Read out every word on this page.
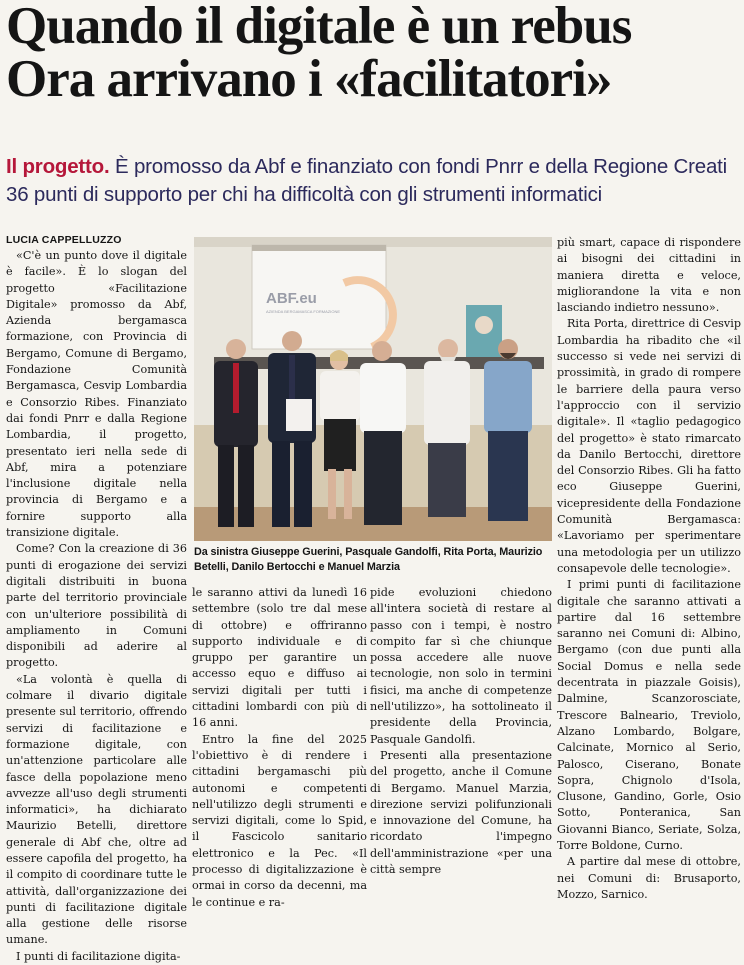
Quando il digitale è un rebus
Ora arrivano i «facilitatori»
Il progetto. È promosso da Abf e finanziato con fondi Pnrr e della Regione Creati 36 punti di supporto per chi ha difficoltà con gli strumenti informatici
LUCIA CAPPELLUZZO

«C'è un punto dove il digitale è facile». È lo slogan del progetto «Facilitazione Digitale» promosso da Abf, Azienda bergamasca formazione, con Provincia di Bergamo, Comune di Bergamo, Fondazione Comunità Bergamasca, Cesvip Lombardia e Consorzio Ribes. Finanziato dai fondi Pnrr e dalla Regione Lombardia, il progetto, presentato ieri nella sede di Abf, mira a potenziare l'inclusione digitale nella provincia di Bergamo e a fornire supporto alla transizione digitale.

Come? Con la creazione di 36 punti di erogazione dei servizi digitali distribuiti in buona parte del territorio provinciale con un'ulteriore possibilità di ampliamento in Comuni disponibili ad aderire al progetto.

«La volontà è quella di colmare il divario digitale presente sul territorio, offrendo servizi di facilitazione e formazione digitale, con un'attenzione particolare alle fasce della popolazione meno avvezze all'uso degli strumenti informatici», ha dichiarato Maurizio Betelli, direttore generale di Abf che, oltre ad essere capofila del progetto, ha il compito di coordinare tutte le attività, dall'organizzazione dei punti di facilitazione digitale alla gestione delle risorse umane.

I punti di facilitazione digita-

ABF.eu
AZIENDA BERGAMASCA FORMAZIONE
Da sinistra Giuseppe Guerini, Pasquale Gandolfi, Rita Porta, Maurizio Betelli, Danilo Bertocchi e Manuel Marzia

le saranno attivi da lunedì 16 settembre (solo tre dal mese di ottobre) e offriranno supporto individuale e di gruppo per garantire un accesso equo e diffuso ai servizi digitali per tutti i cittadini lombardi con più di 16 anni.

Entro la fine del 2025 l'obiettivo è di rendere i cittadini bergamaschi più autonomi e competenti nell'utilizzo degli strumenti e servizi digitali, come lo Spid, il Fascicolo sanitario elettronico e la Pec. «Il processo di digitalizzazione è ormai in corso da decenni, ma le continue e ra-

pide evoluzioni chiedono all'intera società di restare al passo con i tempi, è nostro compito far sì che chiunque possa accedere alle nuove tecnologie, non solo in termini fisici, ma anche di competenze nell'utilizzo», ha sottolineato il presidente della Provincia, Pasquale Gandolfi.

Presenti alla presentazione del progetto, anche il Comune di Bergamo. Manuel Marzia, direzione servizi polifunzionali e innovazione del Comune, ha ricordato l'impegno dell'amministrazione «per una città sempre

più smart, capace di rispondere ai bisogni dei cittadini in maniera diretta e veloce, migliorandone la vita e non lasciando indietro nessuno».

Rita Porta, direttrice di Cesvip Lombardia ha ribadito che «il successo si vede nei servizi di prossimità, in grado di rompere le barriere della paura verso l'approccio con il servizio digitale». Il «taglio pedagogico del progetto» è stato rimarcato da Danilo Bertocchi, direttore del Consorzio Ribes. Gli ha fatto eco Giuseppe Guerini, vicepresidente della Fondazione Comunità Bergamasca: «Lavoriamo per sperimentare una metodologia per un utilizzo consapevole delle tecnologie».

I primi punti di facilitazione digitale che saranno attivati a partire dal 16 settembre saranno nei Comuni di: Albino, Bergamo (con due punti alla Social Domus e nella sede decentrata in piazzale Goisis), Dalmine, Scanzorosciate, Trescore Balneario, Treviolo, Alzano Lombardo, Bolgare, Calcinate, Mornico al Serio, Palosco, Ciserano, Bonate Sopra, Chignolo d'Isola, Clusone, Gandino, Gorle, Osio Sotto, Ponteranica, San Giovanni Bianco, Seriate, Solza, Torre Boldone, Curno.

A partire dal mese di ottobre, nei Comuni di: Brusaporto, Mozzo, Sarnico.
